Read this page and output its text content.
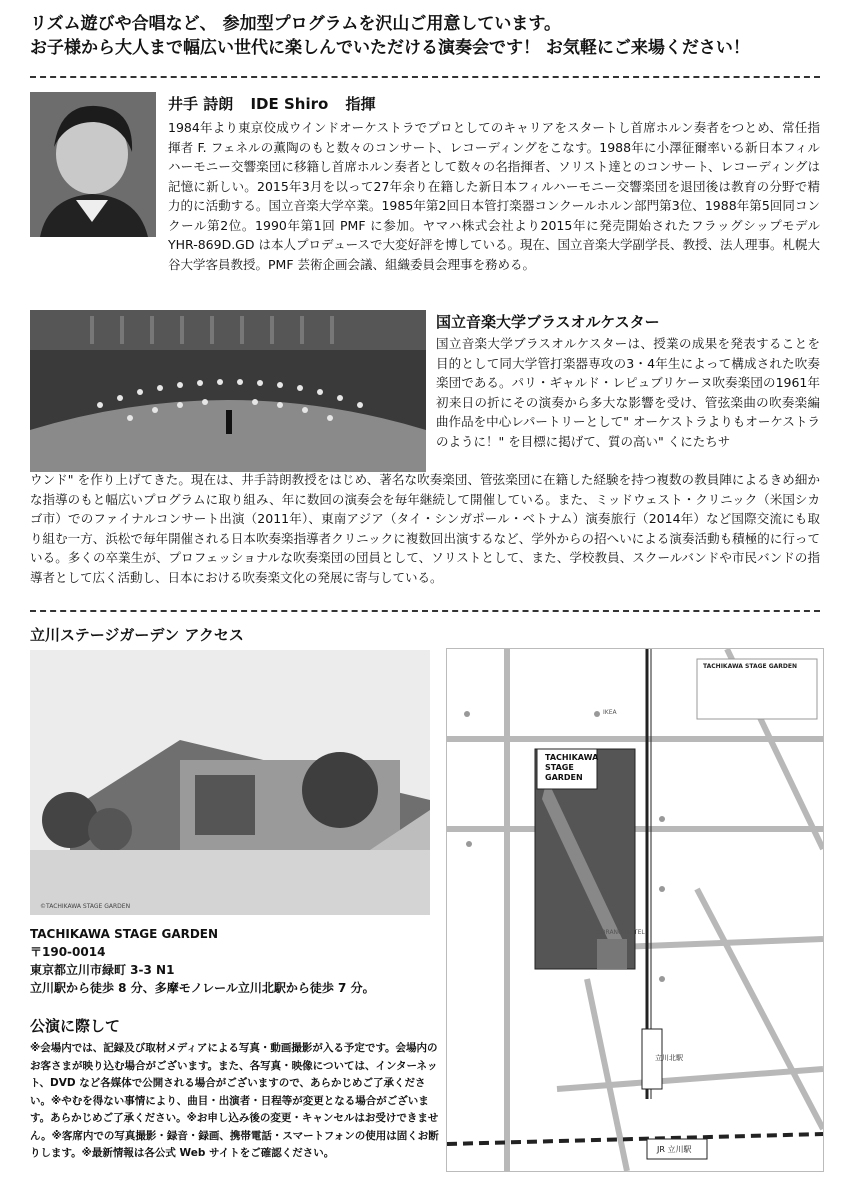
リズム遊びや合唱など、 参加型プログラムを沢山ご用意しています。
お子様から大人まで幅広い世代に楽しんでいただける演奏会です！ お気軽にご来場ください！
井手 詩朗 IDE Shiro 指揮
1984年より東京佼成ウインドオーケストラでプロとしてのキャリアをスタートし首席ホルン奏者をつとめ、常任指揮者 F. フェネルの薫陶のもと数々のコンサート、レコーディングをこなす。1988年に小澤征爾率いる新日本フィルハーモニー交響楽団に移籍し首席ホルン奏者として数々の名指揮者、ソリスト達とのコンサート、レコーディングは記憶に新しい。2015年3月を以って27年余り在籍した新日本フィルハーモニー交響楽団を退団後は教育の分野で精力的に活動する。国立音楽大学卒業。1985年第2回日本管打楽器コンクールホルン部門第3位、1988年第5回同コンクール第2位。1990年第1回 PMF に参加。ヤマハ株式会社より2015年に発売開始されたフラッグシップモデル YHR-869D.GD は本人プロデュースで大変好評を博している。現在、国立音楽大学副学長、教授、法人理事。札幌大谷大学客員教授。PMF 芸術企画会議、組織委員会理事を務める。
国立音楽大学ブラスオルケスター
国立音楽大学ブラスオルケスターは、授業の成果を発表することを目的として同大学管打楽器専攻の3・4年生によって構成された吹奏楽団である。パリ・ギャルド・レピュブリケーヌ吹奏楽団の1961年初来日の折にその演奏から多大な影響を受け、管弦楽曲の吹奏楽編曲作品を中心レパートリーとして" オーケストラよりもオーケストラのように！" を目標に掲げて、質の高い" くにたちサ
ウンド" を作り上げてきた。現在は、井手詩朗教授をはじめ、著名な吹奏楽団、管弦楽団に在籍した経験を持つ複数の教員陣によるきめ細かな指導のもと幅広いプログラムに取り組み、年に数回の演奏会を毎年継続して開催している。また、ミッドウェスト・クリニック（米国シカゴ市）でのファイナルコンサート出演（2011年）、東南アジア（タイ・シンガポール・ベトナム）演奏旅行（2014年）など国際交流にも取り組む一方、浜松で毎年開催される日本吹奏楽指導者クリニックに複数回出演するなど、学外からの招へいによる演奏活動も積極的に行っている。多くの卒業生が、プロフェッショナルな吹奏楽団の団員として、ソリストとして、また、学校教員、スクールバンドや市民バンドの指導者として広く活動し、日本における吹奏楽文化の発展に寄与している。
立川ステージガーデン アクセス
©TACHIKAWA STAGE GARDEN
TACHIKAWA STAGE GARDEN
〒190-0014
東京都立川市緑町 3-3 N1
立川駅から徒歩 8 分、多摩モノレール立川北駅から徒歩 7 分。
公演に際して
※会場内では、記録及び取材メディアによる写真・動画撮影が入る予定です。会場内のお客さまが映り込む場合がございます。また、各写真・映像については、インターネット、DVD など各媒体で公開される場合がございますので、あらかじめご了承ください。※やむを得ない事情により、曲目・出演者・日程等が変更となる場合がございます。あらかじめご了承ください。※お申し込み後の変更・キャンセルはお受けできません。※客席内での写真撮影・録音・録画、携帯電話・スマートフォンの使用は固くお断りします。※最新情報は各公式 Web サイトをご確認ください。
TACHIKAWA STAGE GARDEN
TACHIKAWA
STAGE
GARDEN
IKEA
SORANO HOTEL
立川北駅
JR 立川駅
